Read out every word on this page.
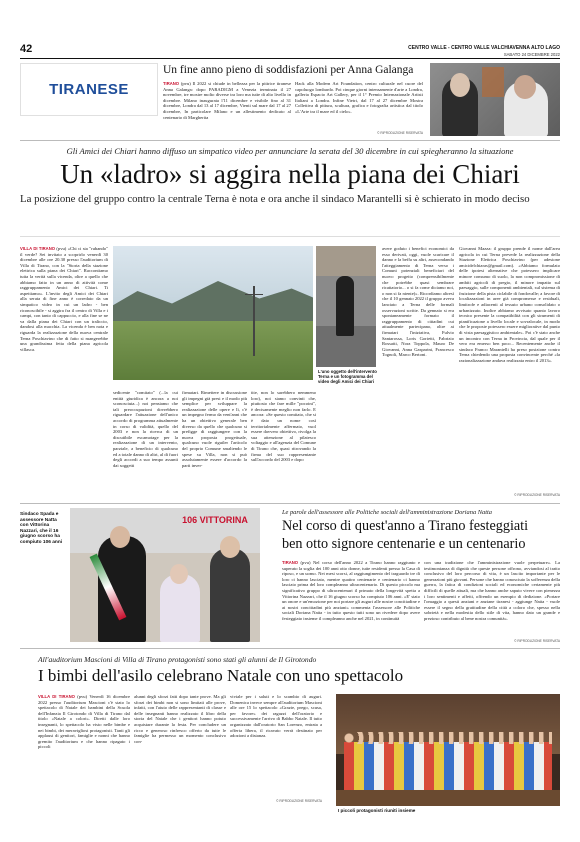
42	CENTRO VALLE - CENTRO VALLE VALCHIAVENNA ALTO LAGO
SABATO 24 DICEMBRE 2022
TIRANESE
Un fine anno pieno di soddisfazioni per Anna Galanga
TIRANO (pvu) Il 2022 si chiude in bellezza per la pittrice tiranese Anna Galanga: dopo PARADIGM a Venezia terminata il 27 novembre, tre mostre molto diverse tra loro ma tutte di alto livello in dicembre. Milano inaugurata l'11 dicembre e visibile fino al 31 dicembre, Londra dal 13 al 17 dicembre, Vienti sul mare dal 17 al 27 dicembre, In particolare Milano e un allestimento dedicato al centenario di Margherita
Hack alla Modern Art Foundation, centro culturale nel cuore del capoluogo lombardo. Poi cinque giorni intensamente d'arte a Londra, galleria Espacio Art Gallery, per il 1° Premio Internazionale Artisti Italiani a Londra. Infine Vietri, dal 17 al 27 dicembre Mostra Collettiva di pittura, scultura, grafica e fotografia artistica dal titolo «L'Arte tra il mare ed il cielo».
© RIPRODUZIONE RISERVATA
Gli Amici dei Chiari hanno diffuso un simpatico video per annunciare la serata del 30 dicembre in cui spiegheranno la situazione
Un «ladro» si aggira nella piana dei Chiari
La posizione del gruppo contro la centrale Terna è nota e ora anche il sindaco Marantelli si è schierato in modo deciso
VILLA DI TIRANO (pvu) «Chi ci sta "rubando" il verde? Sei invitato a scoprirlo venerdì 30 dicembre alle ore 20.30 presso l'auditorium di Villa di Tirano, con la "Storia della stazione elettrica sulla piana dei Chiari". Raccontiamo tutta la verità sulla vicenda, oltre a quello che abbiamo fatto in un anno di attività come raggruppamento Amici dei Chiari. Ti aspettiamo». L'invito degli Amici dei Chiari alla serata di fine anno è corredato da un simpatico video in cui un ladro - ben riconoscibile - si aggira fra il centro di Villa e i campi, con tanto di cappuccio, e alla fine se ne va dalla piana dei Chiari con un traliccio, dandosi alla macchia. La vicenda è ben nota e riguarda la realizzazione della nuova centrale Terna Poschiavino che di fatto si mangerebbe una grandissima fetta della piana agricola villasca.
L'uno oggetto dell'intervento Terna e un fotogramma del video degli Amici dei Chiari
sedicente "comitato" (...la cui entità giuridica è ancora a noi sconosciuta...) noi pensiamo che tali preoccupazioni dovrebbero riguardare l'attuazione dell'unico accordo di programma attualmente in corso di validità, quello del 2003 e non la ricerca di un discutibile escamotage per la realizzazione di un intervento, parziale, a beneficio di qualcuno ed a totale danno di altri, al di fuori degli accordi a suo tempo assunti dai soggetti
firmatari. Rimettere in discussione gli impegni già presi e il modo più semplice per sviluppare la realizzazione delle opere e lì, c'è un impegno fermo da vent'anni che ha un obiettivo generale ben diverso da quello che qualcuno si prefigge di raggiungere con la nuova proposta progettuale, qualcuno vuole riguiler l'articolo del proprio Comune smaltendo le spese su Villa, non si può assolutamente essere d'accordo la parti inver-
tite, non lo sarebbero nemmeno loro), noi siamo convinti che, piuttosto che fare mille "pocoini", è decisamente meglio non farlo. E ancora: «Se questo comitato, che si è dato un nome così territorialmente affermato, vuol essere davvero obiettivo, rivolga la sua attenzione al pilatesco voltaggio e all'agenzia del Comune di Tirano che, quasi ritrovando la firma del suo rappresentante sull'accordo del 2003 e dopo
avere goduto i benefici economici da esso derivati, oggi, vuole scaricare il danno e la beffa su altri, assecondando l'atteggiamento di Terna verso i Comuni potenziali beneficiari del nuovo progetto (comprensibilmente che potrebbe quasi sembrare ricattatorio... o si fa come diciamo noi, o non si fa niente)». Ricordiamo altresì che il 10 gennaio 2022 il gruppo aveva lanciato a Terna delle formali osservazioni scritte. Da gennaio si era spontaneamente formato il raggruppamento di cittadini cui attualmente partecipano, oltre ai firmatari l'iniziativa, Fulvio Santarossa, Loris Gorietti, Fabrizio Rossatti, Nora Toppola, Mauro De Giovanni, Anna Gasparini, Francesco Tognoli, Marco Bertoni.
Giovanni Mazza: il gruppo prende il nome dall'area agricola in cui Terna prevede la realizzazione della Stazione Elettrica Poschiavino (per adesione amicidelchiaras@gmail.com). «Abbiamo formulato delle ipotesi alternative che potessero implicare minore consumo di suolo, la non compromissione di ambiti agricoli di pregio, il minore impatto sul paesaggio, sulle componenti ambientali, sul sistema di fruizione della pista ciclabile di fondovalle; a favore di localizzazioni in aree già compromesse e residuali, limitrofe e adiacenti al tessuto urbano consolidato o urbanizzato. Inoltre abbiamo avvisato quanto lavoro tecnico presente la compatibilità con gli strumenti di pianificazione a livello locale e sovralocale, in modo che le proposte potessero essere migliorative dal punto di vista paesaggistico ambientale». Poi c'è stato anche un incontro con Terna in Provincia, dal quale per il vero era emerso ben poco... Recentemente anche il sindaco Franco Marantelli ha preso posizione contro Terna chiedendo una proposta convincente perché «la razionalizzazione andava realizzata entro il 2013».
© RIPRODUZIONE RISERVATA
Sindaco Spada e assessore Natta con Vittorina Nazzari, che il 16 giugno scorso ha compiuto 106 anni
106 VITTORINA
Le parole dell'assessore alle Politiche sociali dell'amministrazione Doriana Natta
Nel corso di quest'anno a Tirano festeggiati
ben otto signore centenarie e un centenario
TIRANO (pvu) Nel corso dell'anno 2022 a Tirano hanno raggiunto e superato la soglia dei 100 anni otto donne, tutte residenti presso la Casa di riposo, e un uomo. Nei mesi scorsi, al raggiungimento del traguardo tre di loro ci hanno lasciato, mentre quattro centenarie e centenario ci hanno lasciato prima del loro compleanno ultracentenario. Di questo piccolo ma significativo gruppo di ultracentenari il primato della longevità spetta a Vittorina Nazzari, che il 16 giugno scorso ha compiuto 106 anni. «E' stato un onore e un'emozione per noi portare gli auguri alle nostre concittadine e ai nostri concittadini più anziani» commenta l'assessore alle Politiche sociali Doriana Natta - in tutto questo tutti sono un rivedere dopo avere festeggiato insieme il compleanno anche nel 2021, in continuità
con una tradizione che l'amministrazione vuole perpetuare». La testimonianza di dignità che queste persone offrono, avviandosi al tratto conclusivo del loro percorso di vita, è un lascito importante per le generazioni più giovani. Persone che hanno conosciuto la sofferenza della guerra, la fatica di condizioni sociali ed economiche certamente più difficili di quelle attuali, ma che hanno anche saputo vivere con pienezza i loro sentimenti e affetti, offrendo un esempio di dedizione. «Portare l'omaggio a questi anziani e anziane tiranesi - aggiunge Natta - vuole essere il segno della gratitudine della città a coloro che, spesso nella sobrietà e nella modestia dello stile di vita, hanno dato un grande e prezioso contributo al bene nostra comunità».
© RIPRODUZIONE RISERVATA
All'auditorium Mascioni di Villa di Tirano protagonisti sono stati gli alunni de Il Girotondo
I bimbi dell'asilo celebrano Natale con uno spettacolo
VILLA DI TIRANO (pvu) Venerdì 16 dicembre 2022 presso l'auditorium Mascioni c'è stato lo spettacolo di Natale dei bambini della Scuola dell'Infanzia Il Girotondo di Villa di Tirano dal titolo «Natale a colori». Diretti dalle loro insegnanti, lo spettacolo ha visto nelle bimbe e nei bimbi, dei meravigliosi protagonisti. Tanti gli applausi di genitori, famiglie e nonni che hanno gremito l'auditorium e che hanno ripagato i piccoli
alunni degli sforzi fatti dopo tante prove. Ma gli sforzi dei bimbi non si sono limitati alle prove, infatti, con l'aiuto delle rappresentanti di classe e delle insegnanti hanno realizzato il libro della storia del Natale che i genitori hanno potuto acquistare durante la festa. Per concludere un ricco e generoso rinfresco offerto da tutte le famiglie ha permesso un momento conclusivo con-
viviale per i saluti e lo scambio di auguri. Domenica invece sempre all'auditorium Mascioni alle ore 15 lo spettacolo «Grazie, prego, scusa, per favore» dei ragazzi dell'oratorio e successivamente l'arrivo di Babbo Natale. Il tutto organizzato dall'oratorio San Lorenzo, entrata a offerta libera, il ricavato verrà destinato per adozioni a distanza.
© RIPRODUZIONE RISERVATA
I piccoli protagonisti riuniti insieme
